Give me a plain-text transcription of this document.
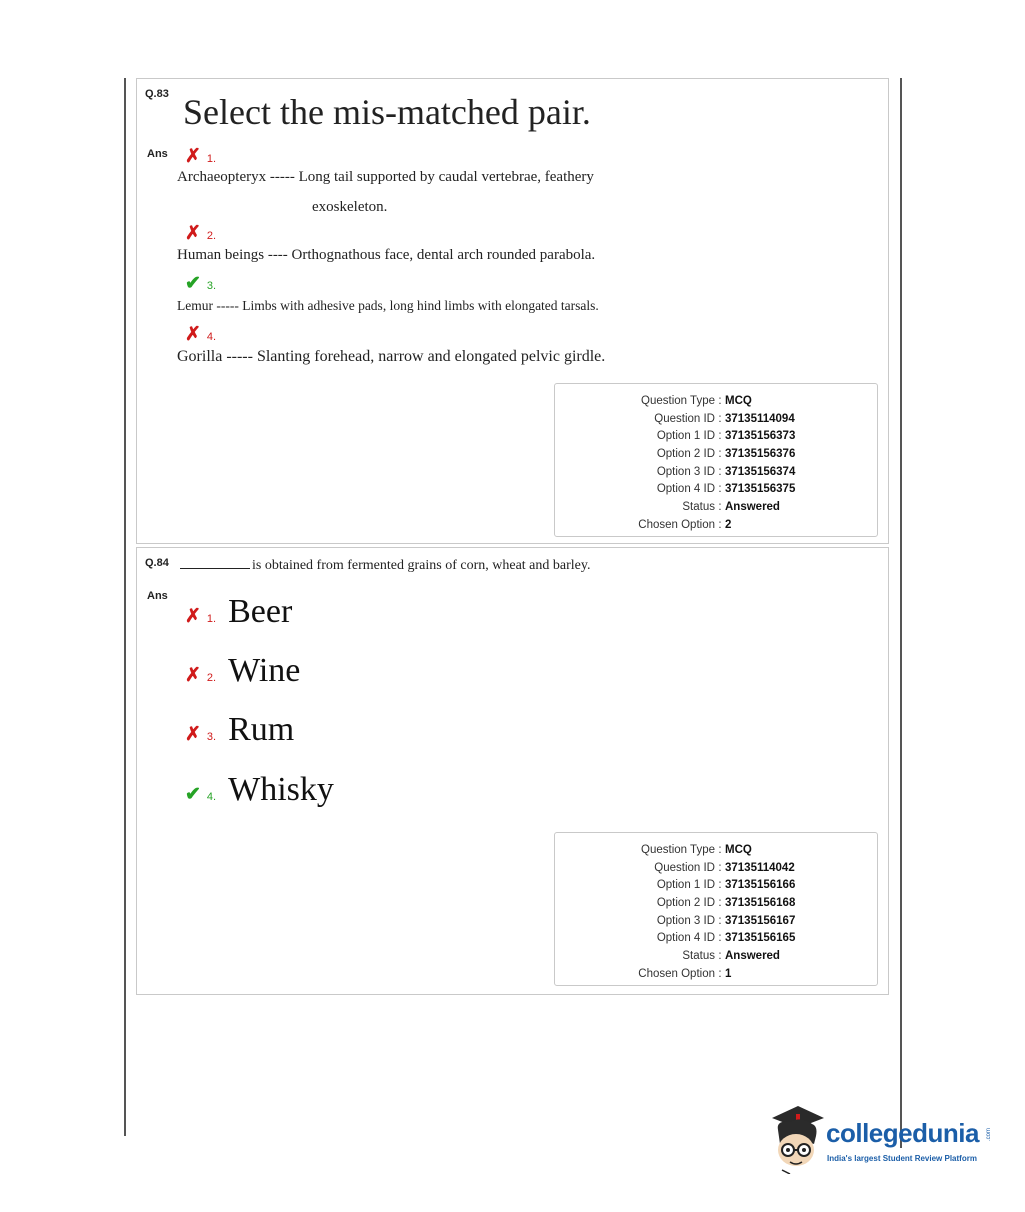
Q.83 Select the mis-matched pair.
Ans ✗ 1.
Archaeopteryx ----- Long tail supported by caudal vertebrae, feathery
exoskeleton.
✗ 2.
Human beings ---- Orthognathous face, dental arch rounded parabola.
✔ 3.
Lemur ----- Limbs with adhesive pads, long hind limbs with elongated tarsals.
✗ 4.
Gorilla ----- Slanting forehead, narrow and elongated pelvic girdle.
Question Type : MCQ
Question ID : 37135114094
Option 1 ID : 37135156373
Option 2 ID : 37135156376
Option 3 ID : 37135156374
Option 4 ID : 37135156375
Status : Answered
Chosen Option : 2
Q.84	is obtained from fermented grains of corn, wheat and barley.
Ans
✗ 1. Beer
✗ 2. Wine
✗ 3. Rum
✔ 4. Whisky
Question Type : MCQ
Question ID : 37135114042
Option 1 ID : 37135156166
Option 2 ID : 37135156168
Option 3 ID : 37135156167
Option 4 ID : 37135156165
Status : Answered
Chosen Option : 1
collegedunia .com
India's largest Student Review Platform
